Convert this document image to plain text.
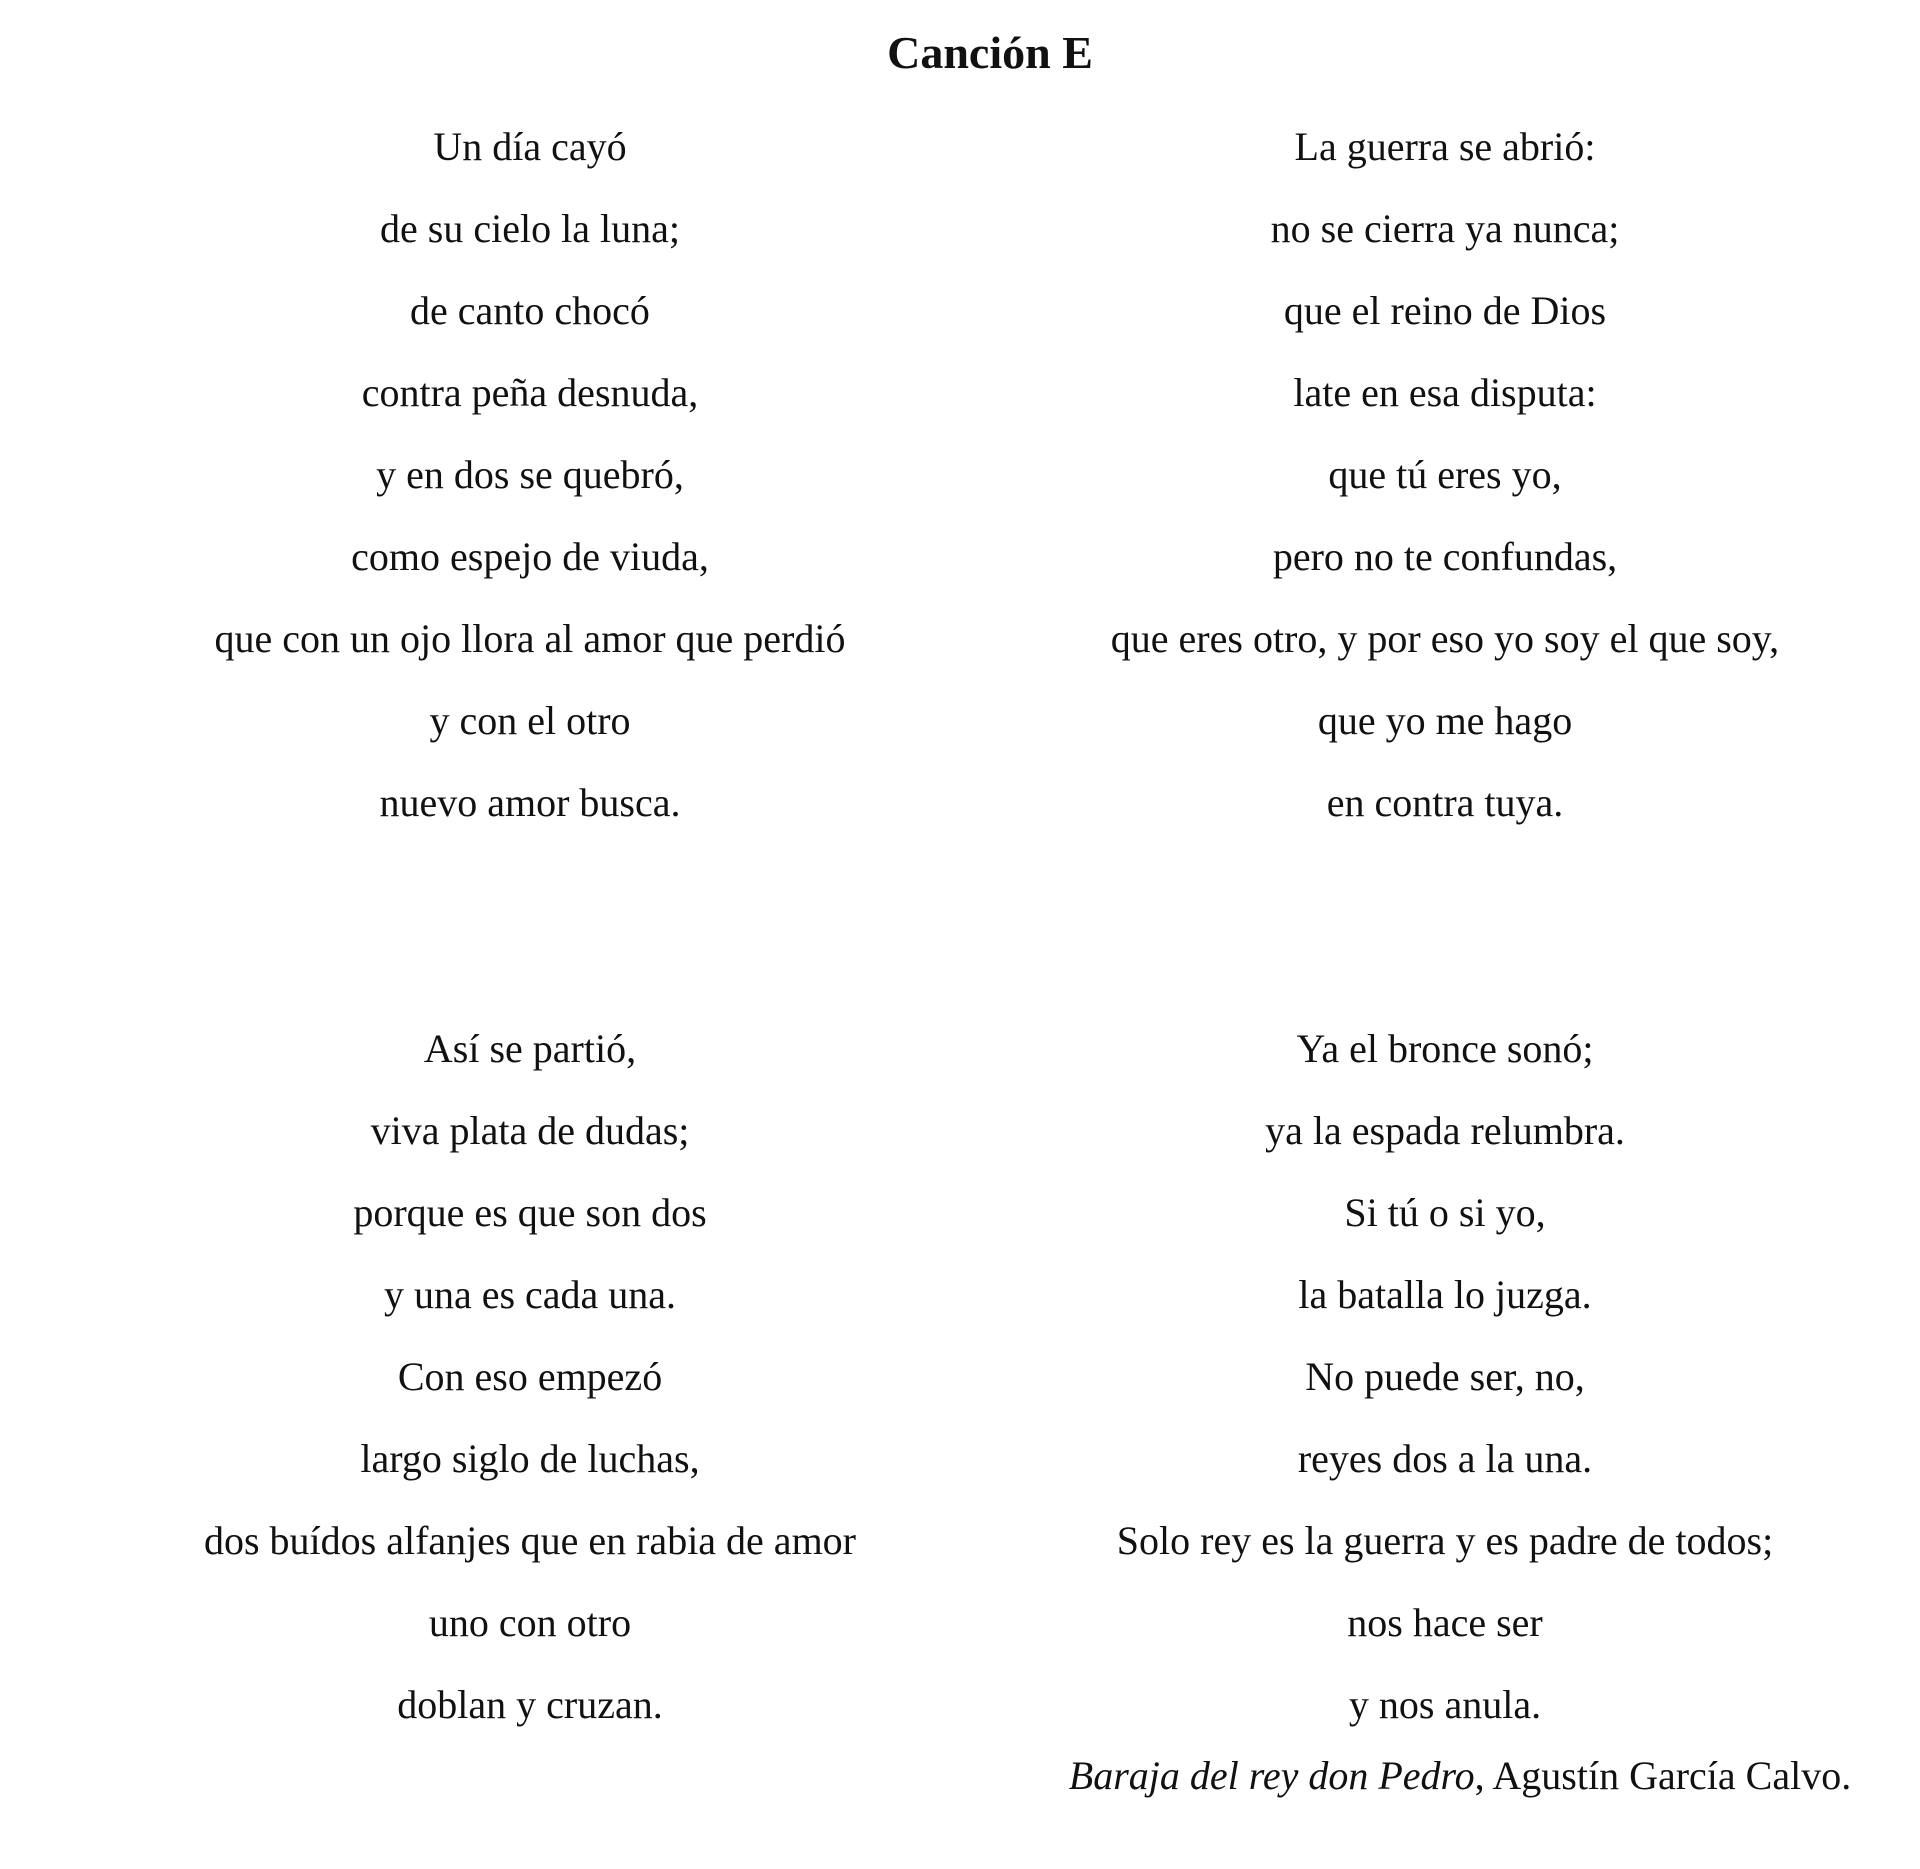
Canción E
Un día cayó
de su cielo la luna;
de canto chocó
contra peña desnuda,
y en dos se quebró,
como espejo de viuda,
que con un ojo llora al amor que perdió
y con el otro
nuevo amor busca.
Así se partió,
viva plata de dudas;
porque es que son dos
y una es cada una.
Con eso empezó
largo siglo de luchas,
dos buídos alfanjes que en rabia de amor
uno con otro
doblan y cruzan.
La guerra se abrió:
no se cierra ya nunca;
que el reino de Dios
late en esa disputa:
que tú eres yo,
pero no te confundas,
que eres otro, y por eso yo soy el que soy,
que yo me hago
en contra tuya.
Ya el bronce sonó;
ya la espada relumbra.
Si tú o si yo,
la batalla lo juzga.
No puede ser, no,
reyes dos a la una.
Solo rey es la guerra y es padre de todos;
nos hace ser
y nos anula.
Baraja del rey don Pedro, Agustín García Calvo.
